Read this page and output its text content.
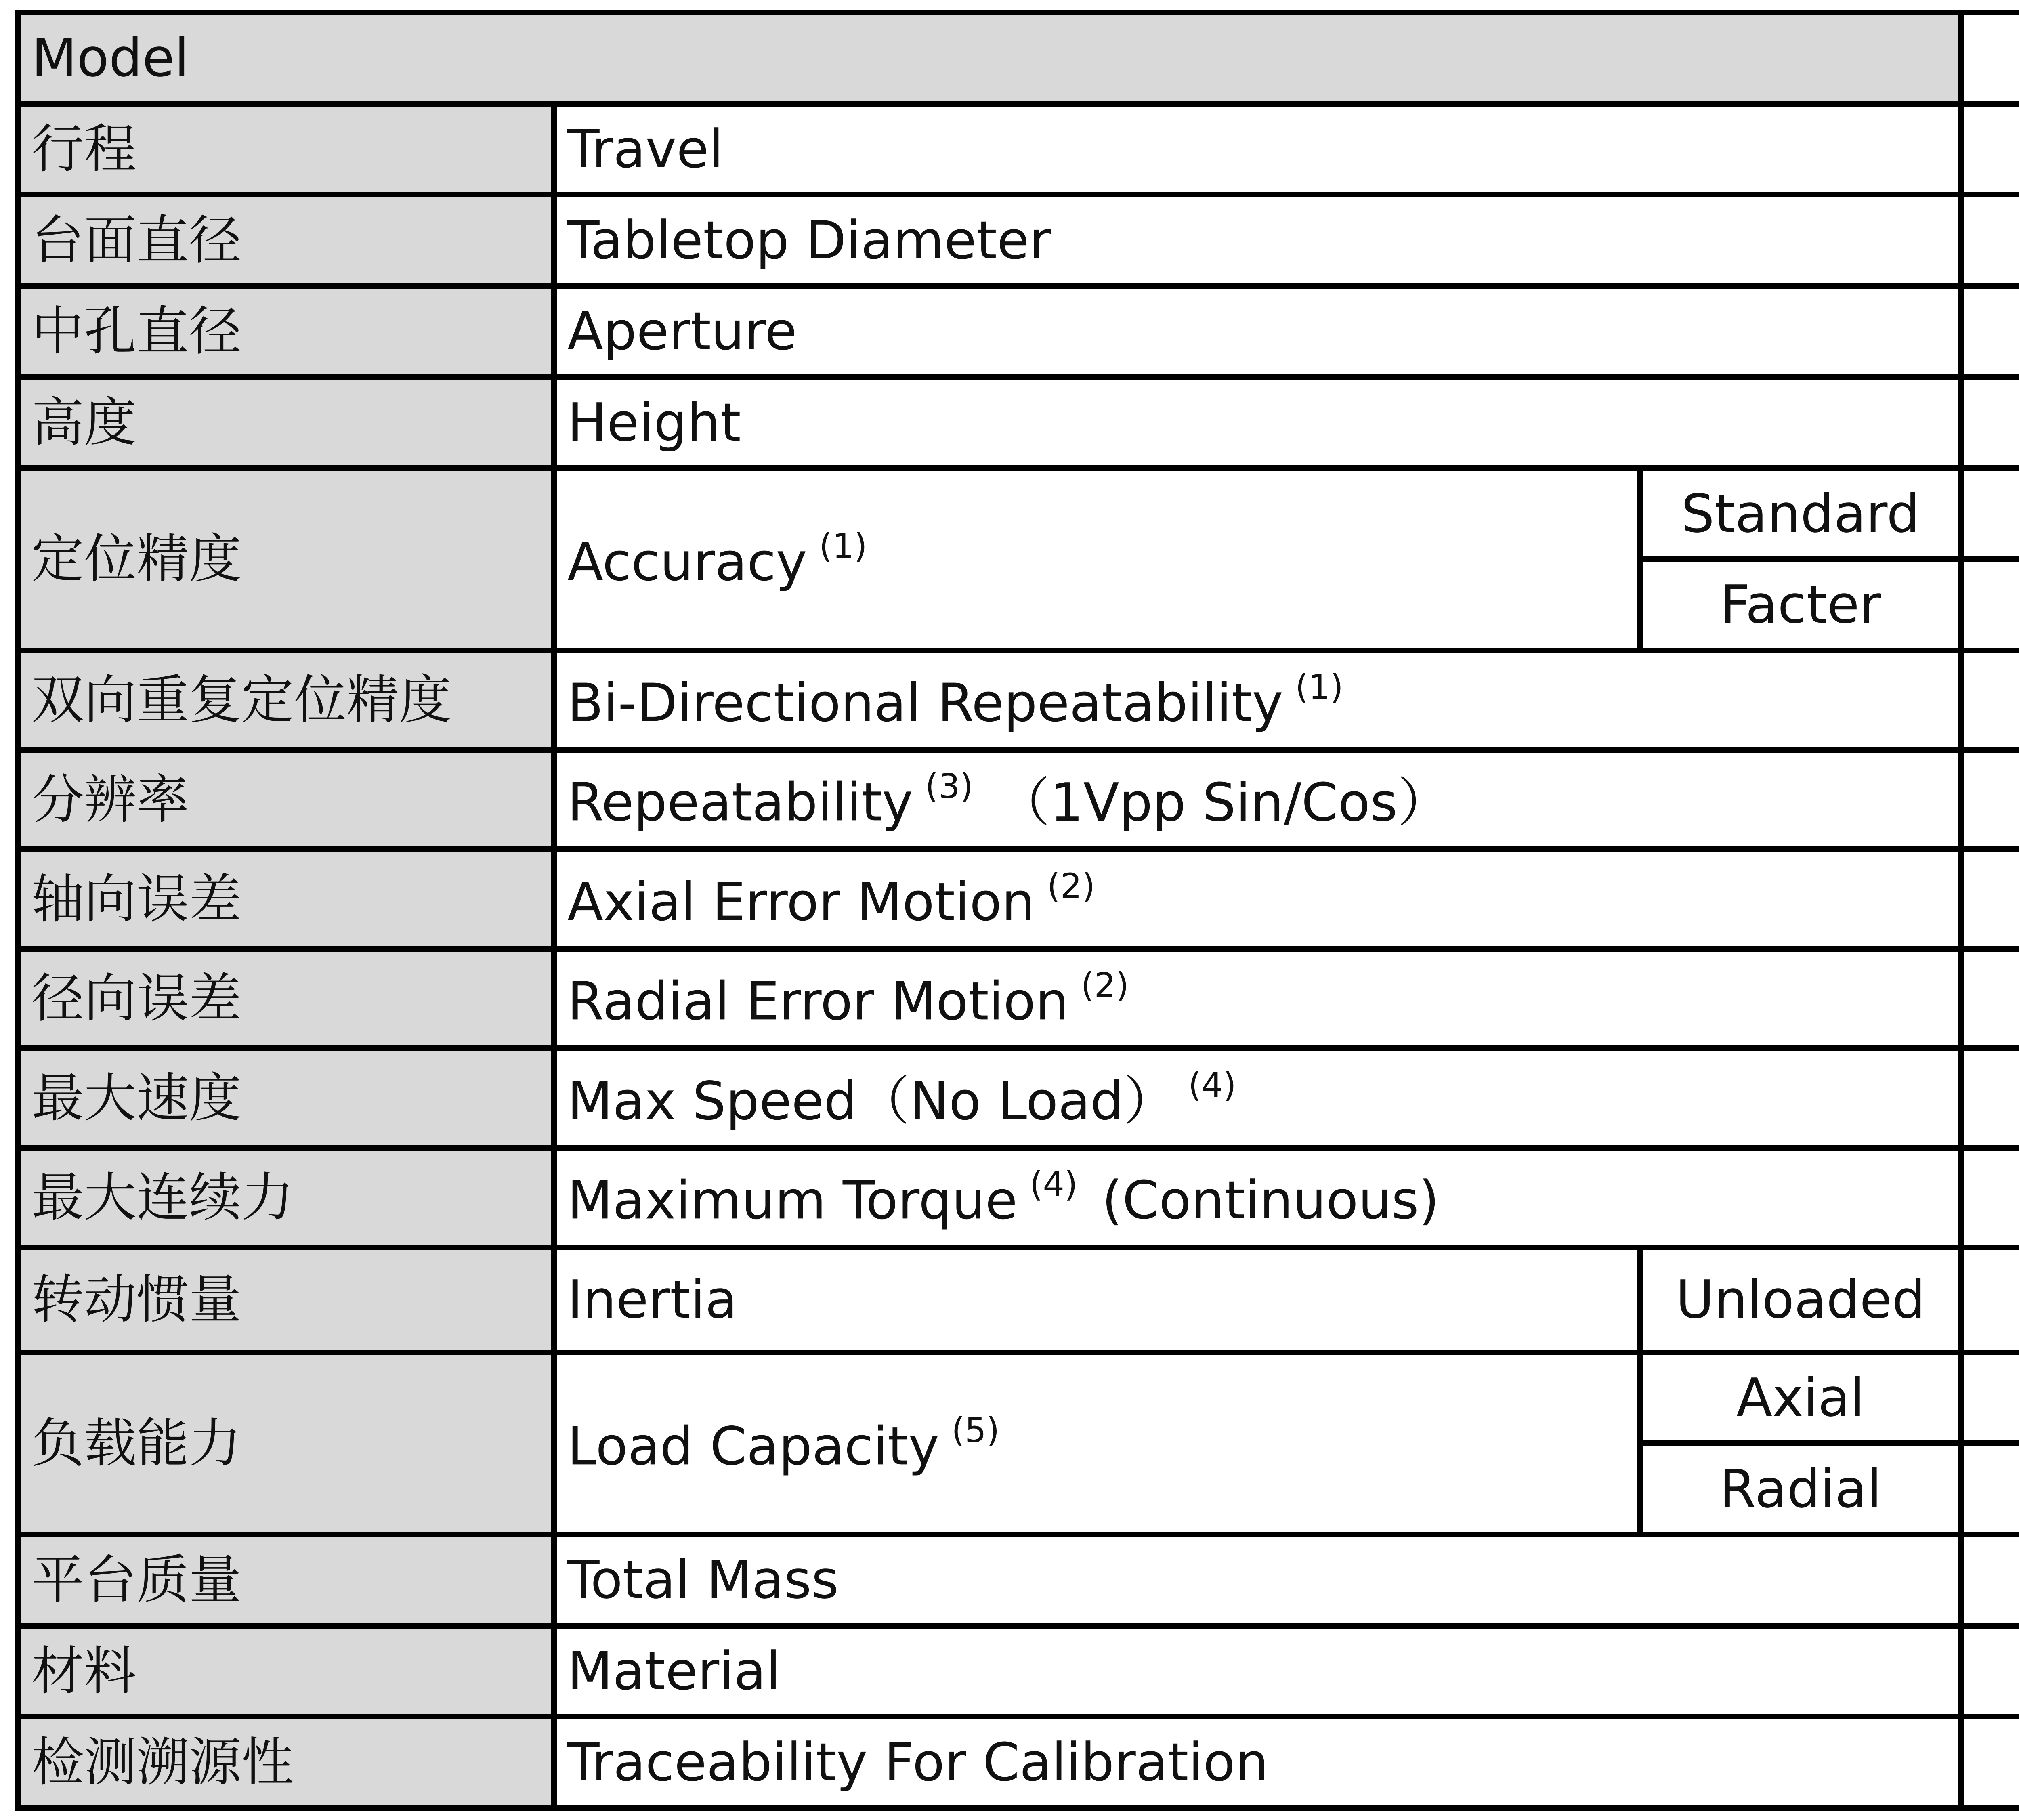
Model	
行程	Travel	
台面直径	Tabletop Diameter	
中孔直径	Aperture	
高度	Height	
定位精度	Accuracy $^{(1)}$	Standard	
		Facter	
双向重复定位精度	Bi-Directional Repeatability $^{(1)}$	
分辨率	Repeatability $^{(3)}$ （1Vpp Sin/Cos）	
轴向误差	Axial Error Motion $^{(2)}$	
径向误差	Radial Error Motion $^{(2)}$	
最大速度	Max Speed（No Load） $^{(4)}$	
最大连续力	Maximum Torque $^{(4)}$ (Continuous)	
转动惯量	Inertia	Unloaded	
负载能力	Load Capacity $^{(5)}$	Axial	
		Radial	
平台质量	Total Mass	
材料	Material	
检测溯源性	Traceability For Calibration	
